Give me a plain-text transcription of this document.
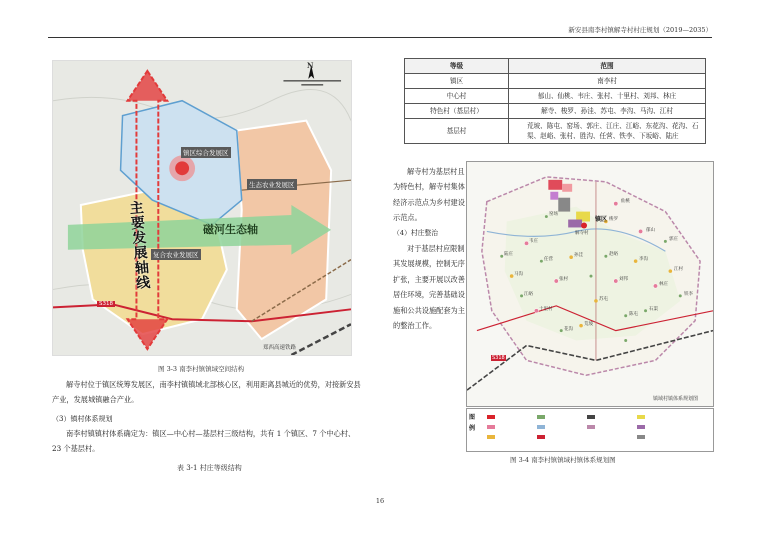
新安县南李村镇解寺村村庄规划（2019—2035）
N
主要发展轴线
磁河生态轴
镇区综合发展区
生态农业发展区
复合农业发展区
S318
郑西高速铁路
图 3-3 南李村镇镇域空间结构
解寺村位于镇区统筹发展区，南李村镇镇域北部核心区，利用距离县城近的优势，对接新安县产业，发展城镇融合产业。
（3）镇村体系规划
南李村镇镇村体系确定为：镇区—中心村—基层村三级结构，共有 1 个镇区、7 个中心村、23 个基层村。
表 3-1 村庄等级结构
等级	范围
镇区	南李村
中心村	郁山、仙桃、韦庄、张村、十里村、刘邦、林庄
特色村（基层村）	解寺、梭罗、孙洼、苏屯、李沟、马沟、江村
基层村	荒坡、陈屯、窑场、郭庄、江庄、江峪、东花沟、花沟、石渠、赵峪、张村、胜沟、任营、铁李、下坂峪、陆庄

解寺村为基层村且为特色村，解寺村集体经济示范点为乡村建设示范点。

（4）村庄整治

对于基层村应限制其发展规模，控制无序扩张，主要开展以改善居住环境，完善基础设施和公共设施配套为主的整治工作。

镇区
S318
镇域村镇体系规划图
解寺村
仙桃
郁山
韦庄
张村	刘邦
林庄
十里村
梭罗
孙洼
苏屯
李沟
马沟
江村
荒坡
陈屯
窑场
郭庄
江峪
花沟
石渠
赵峪
任营
铁李
陆庄
图例
图 3-4 南李村镇镇域村镇体系规划图
16
